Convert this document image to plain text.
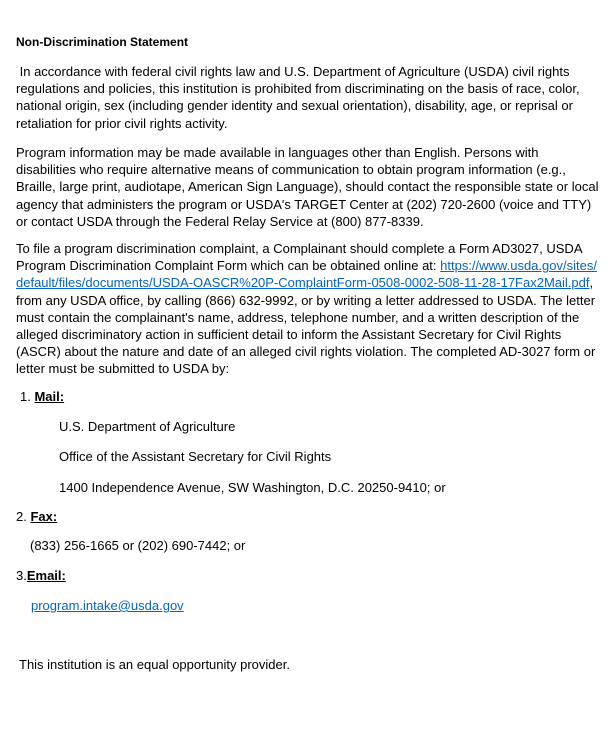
Non-Discrimination Statement

In accordance with federal civil rights law and U.S. Department of Agriculture (USDA) civil rights regulations and policies, this institution is prohibited from discriminating on the basis of race, color, national origin, sex (including gender identity and sexual orientation), disability, age, or reprisal or retaliation for prior civil rights activity.

Program information may be made available in languages other than English. Persons with disabilities who require alternative means of communication to obtain program information (e.g., Braille, large print, audiotape, American Sign Language), should contact the responsible state or local agency that administers the program or USDA's TARGET Center at (202) 720-2600 (voice and TTY) or contact USDA through the Federal Relay Service at (800) 877-8339.

To file a program discrimination complaint, a Complainant should complete a Form AD3027, USDA Program Discrimination Complaint Form which can be obtained online at: https://www.usda.gov/sites/default/files/documents/USDA-OASCR%20P-ComplaintForm-0508-0002-508-11-28-17Fax2Mail.pdf, from any USDA office, by calling (866) 632-9992, or by writing a letter addressed to USDA. The letter must contain the complainant's name, address, telephone number, and a written description of the alleged discriminatory action in sufficient detail to inform the Assistant Secretary for Civil Rights (ASCR) about the nature and date of an alleged civil rights violation. The completed AD-3027 form or letter must be submitted to USDA by:

1. Mail:
U.S. Department of Agriculture
Office of the Assistant Secretary for Civil Rights
1400 Independence Avenue, SW Washington, D.C. 20250-9410; or
2. Fax:
(833) 256-1665 or (202) 690-7442; or
3.Email:
program.intake@usda.gov
This institution is an equal opportunity provider.
